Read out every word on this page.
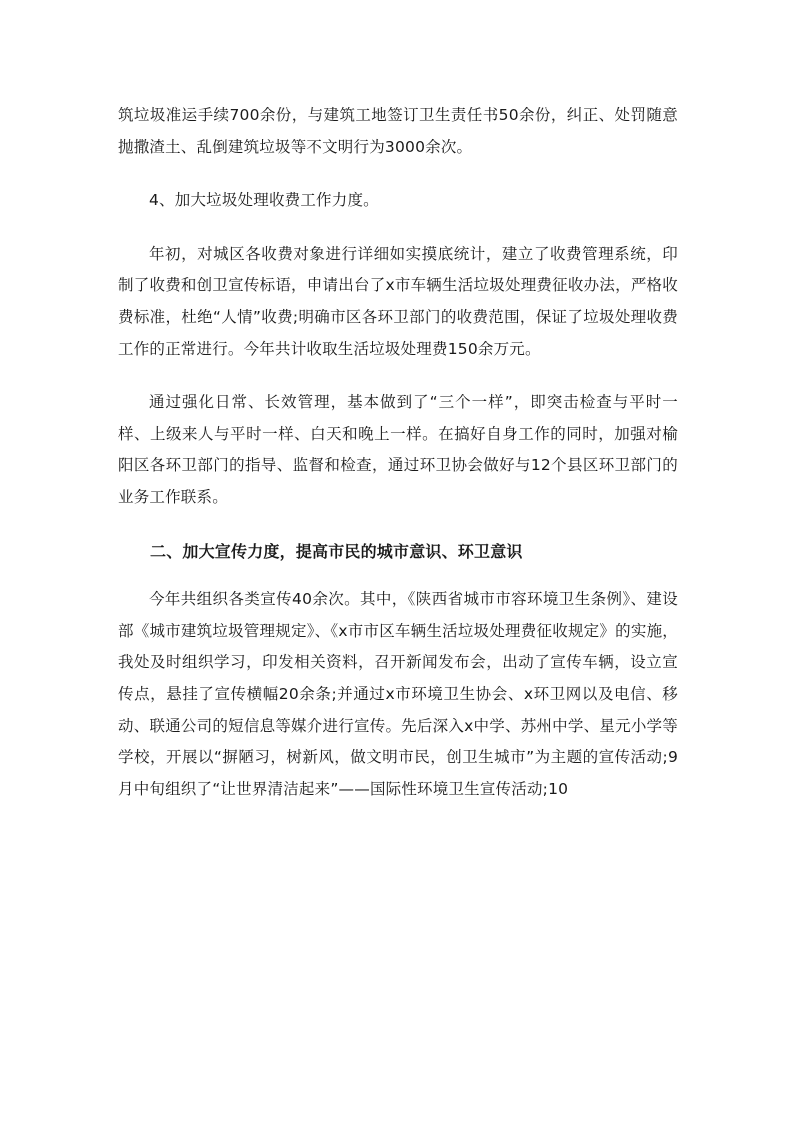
筑垃圾准运手续700余份，与建筑工地签订卫生责任书50余份，纠正、处罚随意抛撒渣土、乱倒建筑垃圾等不文明行为3000余次。

4、加大垃圾处理收费工作力度。

年初，对城区各收费对象进行详细如实摸底统计，建立了收费管理系统，印制了收费和创卫宣传标语，申请出台了x市车辆生活垃圾处理费征收办法，严格收费标准，杜绝“人情”收费;明确市区各环卫部门的收费范围，保证了垃圾处理收费工作的正常进行。今年共计收取生活垃圾处理费150余万元。

通过强化日常、长效管理，基本做到了“三个一样”，即突击检查与平时一样、上级来人与平时一样、白天和晚上一样。在搞好自身工作的同时，加强对榆阳区各环卫部门的指导、监督和检查，通过环卫协会做好与12个县区环卫部门的业务工作联系。

二、加大宣传力度，提高市民的城市意识、环卫意识

今年共组织各类宣传40余次。其中，《陕西省城市市容环境卫生条例》、建设部《城市建筑垃圾管理规定》、《x市市区车辆生活垃圾处理费征收规定》的实施，我处及时组织学习，印发相关资料，召开新闻发布会，出动了宣传车辆，设立宣传点，悬挂了宣传横幅20余条;并通过x市环境卫生协会、x环卫网以及电信、移动、联通公司的短信息等媒介进行宣传。先后深入x中学、苏州中学、星元小学等学校，开展以“摒陋习，树新风，做文明市民，创卫生城市”为主题的宣传活动;9月中旬组织了“让世界清洁起来”——国际性环境卫生宣传活动;10
